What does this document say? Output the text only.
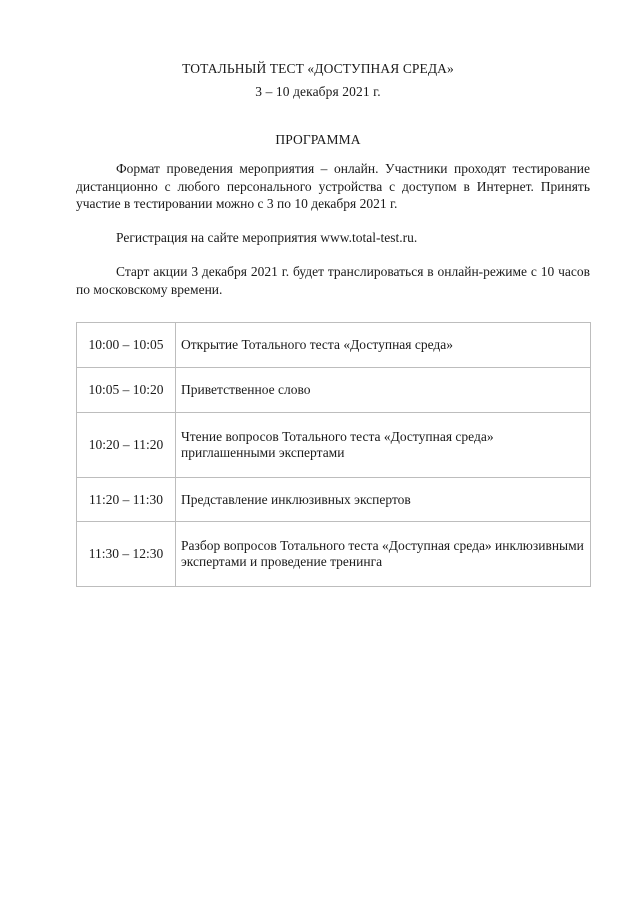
ТОТАЛЬНЫЙ ТЕСТ «ДОСТУПНАЯ СРЕДА»
3 – 10 декабря 2021 г.
ПРОГРАММА

Формат проведения мероприятия – онлайн. Участники проходят тестирование дистанционно с любого персонального устройства с доступом в Интернет. Принять участие в тестировании можно с 3 по 10 декабря 2021 г.

Регистрация на сайте мероприятия www.total-test.ru.

Старт акции 3 декабря 2021 г. будет транслироваться в онлайн-режиме с 10 часов по московскому времени.

10:00 – 10:05	Открытие Тотального теста «Доступная среда»
10:05 – 10:20	Приветственное слово
10:20 – 11:20	Чтение вопросов Тотального теста «Доступная среда» приглашенными экспертами
11:20 – 11:30	Представление инклюзивных экспертов
11:30 – 12:30	Разбор вопросов Тотального теста «Доступная среда» инклюзивными экспертами и проведение тренинга
